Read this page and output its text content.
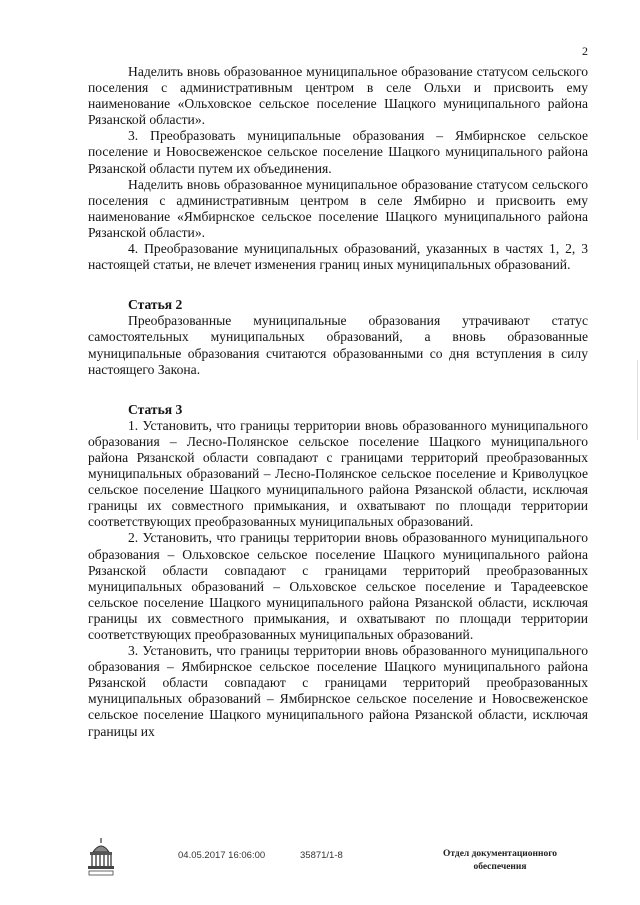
2

Наделить вновь образованное муниципальное образование статусом сельского поселения с административным центром в селе Ольхи и присвоить ему наименование «Ольховское сельское поселение Шацкого муниципального района Рязанской области».

3. Преобразовать муниципальные образования – Ямбирнское сельское поселение и Новосвеженское сельское поселение Шацкого муниципального района Рязанской области путем их объединения.

Наделить вновь образованное муниципальное образование статусом сельского поселения с административным центром в селе Ямбирно и присвоить ему наименование «Ямбирнское сельское поселение Шацкого муниципального района Рязанской области».

4. Преобразование муниципальных образований, указанных в частях 1, 2, 3 настоящей статьи, не влечет изменения границ иных муниципальных образований.

Статья 2

Преобразованные муниципальные образования утрачивают статус самостоятельных муниципальных образований, а вновь образованные муниципальные образования считаются образованными со дня вступления в силу настоящего Закона.

Статья 3

1. Установить, что границы территории вновь образованного муниципального образования – Лесно-Полянское сельское поселение Шацкого муниципального района Рязанской области совпадают с границами территорий преобразованных муниципальных образований – Лесно-Полянское сельское поселение и Криволуцкое сельское поселение Шацкого муниципального района Рязанской области, исключая границы их совместного примыкания, и охватывают по площади территории соответствующих преобразованных муниципальных образований.

2. Установить, что границы территории вновь образованного муниципального образования – Ольховское сельское поселение Шацкого муниципального района Рязанской области совпадают с границами территорий преобразованных муниципальных образований – Ольховское сельское поселение и Тарадеевское сельское поселение Шацкого муниципального района Рязанской области, исключая границы их совместного примыкания, и охватывают по площади территории соответствующих преобразованных муниципальных образований.

3. Установить, что границы территории вновь образованного муниципального образования – Ямбирнское сельское поселение Шацкого муниципального района Рязанской области совпадают с границами территорий преобразованных муниципальных образований – Ямбирнское сельское поселение и Новосвеженское сельское поселение Шацкого муниципального района Рязанской области, исключая границы их

04.05.2017 16:06:00	35871/1-8	Отдел документационного
обеспечения
